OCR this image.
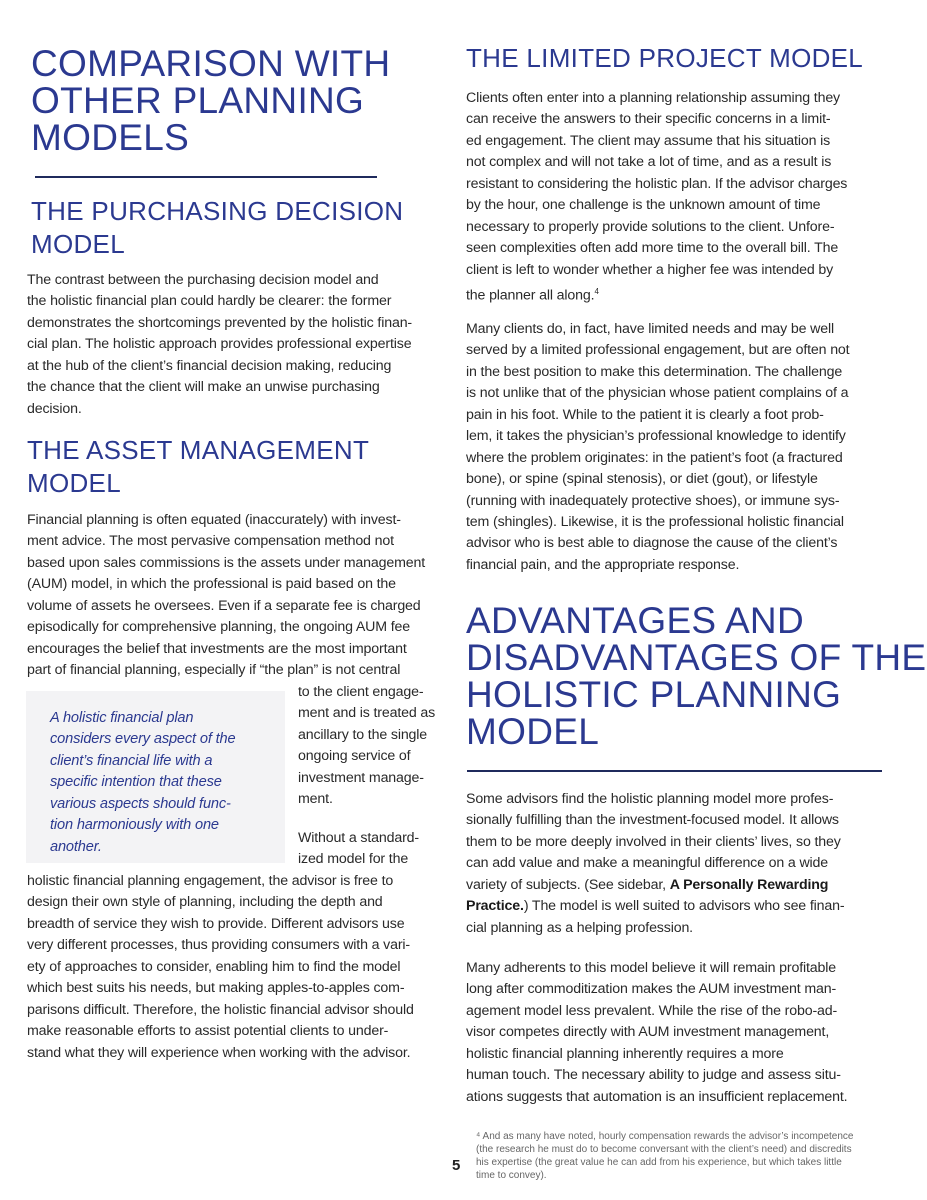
COMPARISON WITH
OTHER PLANNING
MODELS
THE PURCHASING DECISION
MODEL
The contrast between the purchasing decision model and
the holistic financial plan could hardly be clearer: the former
demonstrates the shortcomings prevented by the holistic finan-
cial plan. The holistic approach provides professional expertise
at the hub of the client’s financial decision making, reducing
the chance that the client will make an unwise purchasing
decision.
THE ASSET MANAGEMENT
MODEL
Financial planning is often equated (inaccurately) with invest-
ment advice. The most pervasive compensation method not
based upon sales commissions is the assets under management
(AUM) model, in which the professional is paid based on the
volume of assets he oversees. Even if a separate fee is charged
episodically for comprehensive planning, the ongoing AUM fee
encourages the belief that investments are the most important
part of financial planning, especially if “the plan” is not central
to the client engage-
ment and is treated as
ancillary to the single
ongoing service of
investment manage-
ment.
Without a standard-
ized model for the
holistic financial planning engagement, the advisor is free to
design their own style of planning, including the depth and
breadth of service they wish to provide. Different advisors use
very different processes, thus providing consumers with a vari-
ety of approaches to consider, enabling him to find the model
which best suits his needs, but making apples-to-apples com-
parisons difficult. Therefore, the holistic financial advisor should
make reasonable efforts to assist potential clients to under-
stand what they will experience when working with the advisor.
A holistic financial plan
considers every aspect of the
client’s financial life with a
specific intention that these
various aspects should func-
tion harmoniously with one
another.
THE LIMITED PROJECT MODEL
Clients often enter into a planning relationship assuming they
can receive the answers to their specific concerns in a limit-
ed engagement. The client may assume that his situation is
not complex and will not take a lot of time, and as a result is
resistant to considering the holistic plan. If the advisor charges
by the hour, one challenge is the unknown amount of time
necessary to properly provide solutions to the client. Unfore-
seen complexities often add more time to the overall bill. The
client is left to wonder whether a higher fee was intended by
the planner all along.$^4$
Many clients do, in fact, have limited needs and may be well
served by a limited professional engagement, but are often not
in the best position to make this determination. The challenge
is not unlike that of the physician whose patient complains of a
pain in his foot. While to the patient it is clearly a foot prob-
lem, it takes the physician’s professional knowledge to identify
where the problem originates: in the patient’s foot (a fractured
bone), or spine (spinal stenosis), or diet (gout), or lifestyle
(running with inadequately protective shoes), or immune sys-
tem (shingles). Likewise, it is the professional holistic financial
advisor who is best able to diagnose the cause of the client’s
financial pain, and the appropriate response.
ADVANTAGES AND
DISADVANTAGES OF THE
HOLISTIC PLANNING
MODEL
Some advisors find the holistic planning model more profes-
sionally fulfilling than the investment-focused model. It allows
them to be more deeply involved in their clients’ lives, so they
can add value and make a meaningful difference on a wide
variety of subjects. (See sidebar, A Personally Rewarding
Practice.) The model is well suited to advisors who see finan-
cial planning as a helping profession.
Many adherents to this model believe it will remain profitable
long after commoditization makes the AUM investment man-
agement model less prevalent. While the rise of the robo-ad-
visor competes directly with AUM investment management,
holistic financial planning inherently requires a more
human touch. The necessary ability to judge and assess situ-
ations suggests that automation is an insufficient replacement.
⁴ And as many have noted, hourly compensation rewards the advisor’s incompetence
(the research he must do to become conversant with the client’s need) and discredits
his expertise (the great value he can add from his experience, but which takes little
time to convey).
5
